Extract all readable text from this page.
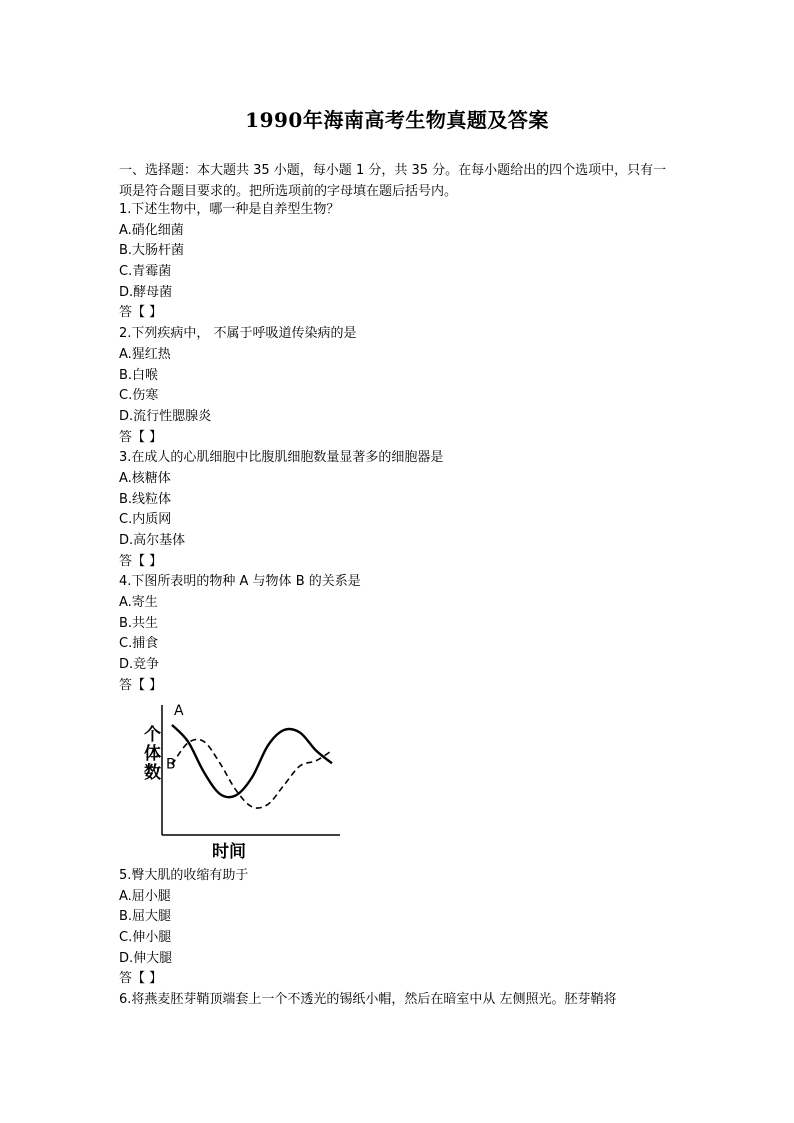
1990年海南高考生物真题及答案
一、选择题：本大题共 35 小题，每小题 1 分，共 35 分。在每小题给出的四个选项中，只有一项是符合题目要求的。把所选项前的字母填在题后括号内。
1.下述生物中，哪一种是自养型生物？
A.硝化细菌
B.大肠杆菌
C.青霉菌
D.酵母菌
答【 】
2.下列疾病中， 不属于呼吸道传染病的是
A.猩红热
B.白喉
C.伤寒
D.流行性腮腺炎
答【 】
3.在成人的心肌细胞中比腹肌细胞数量显著多的细胞器是
A.核糖体
B.线粒体
C.内质网
D.高尔基体
答【 】
4.下图所表明的物种 A 与物体 B 的关系是
A.寄生
B.共生
C.捕食
D.竞争
答【 】
A
B
个体数
时间
5.臀大肌的收缩有助于
A.屈小腿
B.屈大腿
C.伸小腿
D.伸大腿
答【 】
6.将燕麦胚芽鞘顶端套上一个不透光的锡纸小帽，然后在暗室中从 左侧照光。胚芽鞘将
